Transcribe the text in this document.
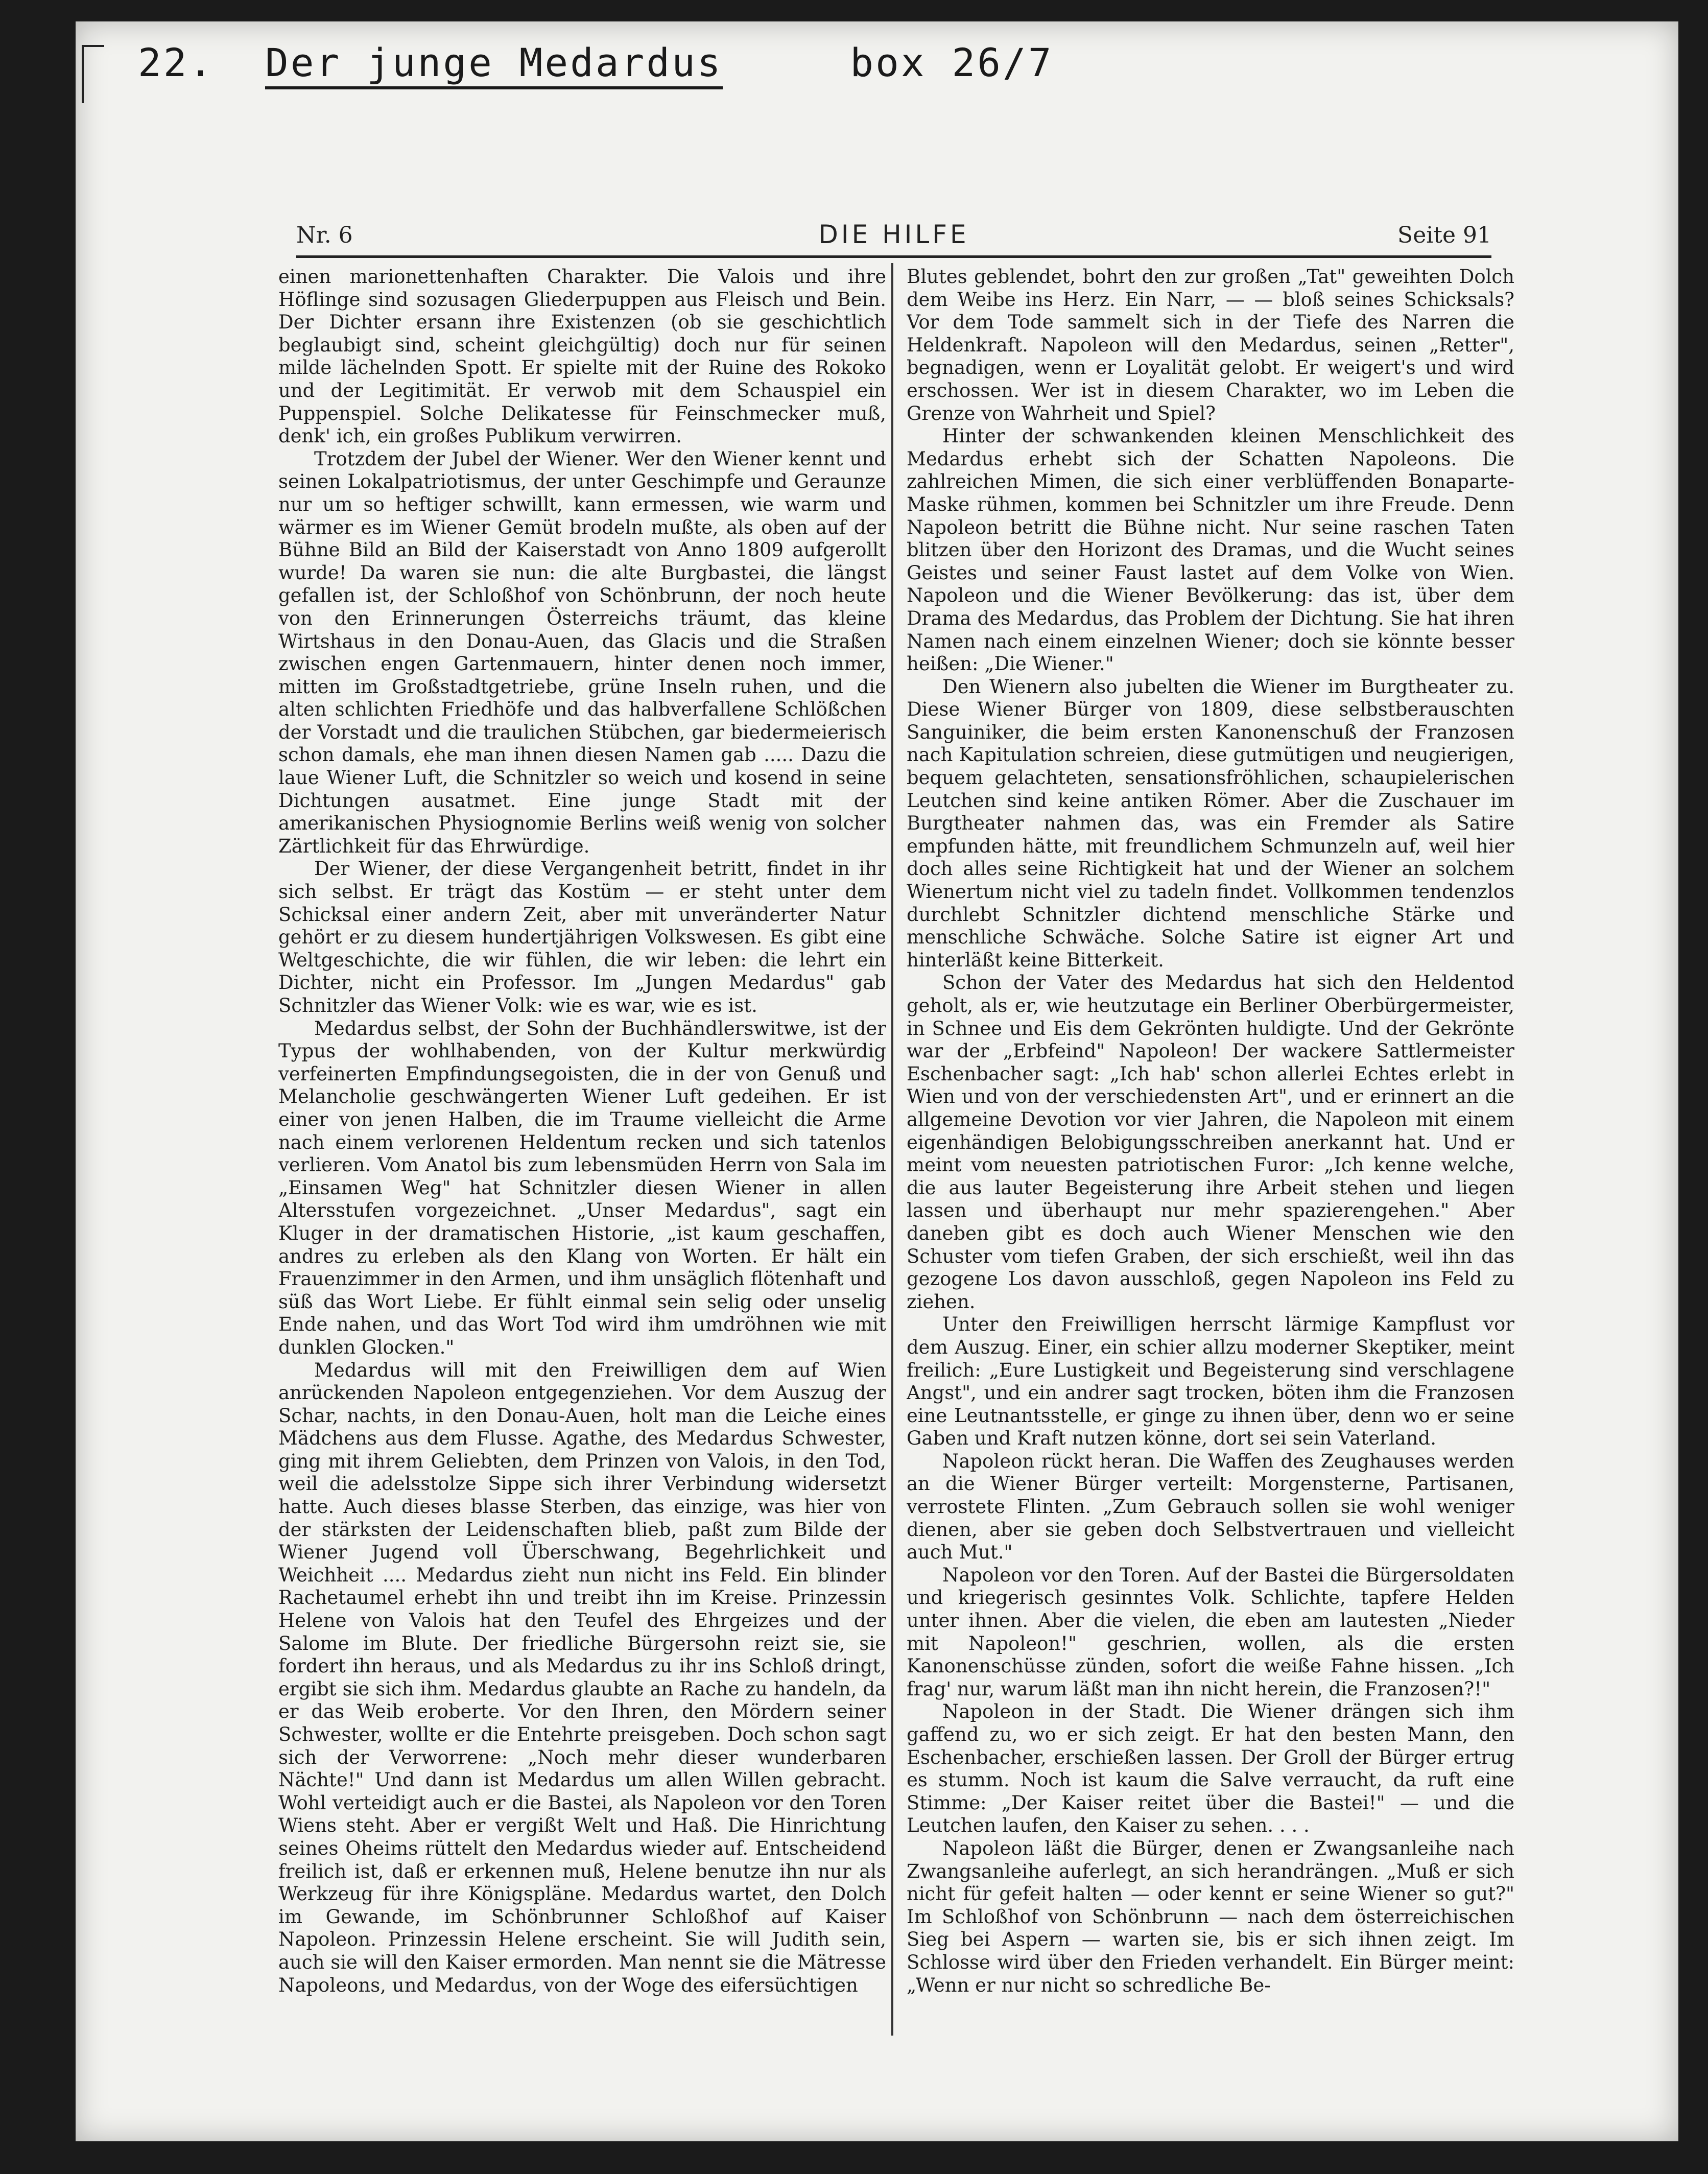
22. Der junge Medardus	box 26/7
Nr. 6	DIE HILFE	Seite 91

einen marionettenhaften Charakter. Die Valois und ihre Höflinge sind sozusagen Gliederpuppen aus Fleisch und Bein. Der Dichter ersann ihre Existenzen (ob sie geschichtlich beglaubigt sind, scheint gleichgültig) doch nur für seinen milde lächelnden Spott. Er spielte mit der Ruine des Rokoko und der Legitimität. Er verwob mit dem Schauspiel ein Puppenspiel. Solche Delikatesse für Feinschmecker muß, denk' ich, ein großes Publikum verwirren.

Trotzdem der Jubel der Wiener. Wer den Wiener kennt und seinen Lokalpatriotismus, der unter Geschimpfe und Geraunze nur um so heftiger schwillt, kann ermessen, wie warm und wärmer es im Wiener Gemüt brodeln mußte, als oben auf der Bühne Bild an Bild der Kaiserstadt von Anno 1809 aufgerollt wurde! Da waren sie nun: die alte Burgbastei, die längst gefallen ist, der Schloßhof von Schönbrunn, der noch heute von den Erinnerungen Österreichs träumt, das kleine Wirtshaus in den Donau-Auen, das Glacis und die Straßen zwischen engen Gartenmauern, hinter denen noch immer, mitten im Großstadtgetriebe, grüne Inseln ruhen, und die alten schlichten Friedhöfe und das halbverfallene Schlößchen der Vorstadt und die traulichen Stübchen, gar biedermeierisch schon damals, ehe man ihnen diesen Namen gab ..... Dazu die laue Wiener Luft, die Schnitzler so weich und kosend in seine Dichtungen ausatmet. Eine junge Stadt mit der amerikanischen Physiognomie Berlins weiß wenig von solcher Zärtlichkeit für das Ehrwürdige.

Der Wiener, der diese Vergangenheit betritt, findet in ihr sich selbst. Er trägt das Kostüm — er steht unter dem Schicksal einer andern Zeit, aber mit unveränderter Natur gehört er zu diesem hundertjährigen Volkswesen. Es gibt eine Weltgeschichte, die wir fühlen, die wir leben: die lehrt ein Dichter, nicht ein Professor. Im „Jungen Medardus" gab Schnitzler das Wiener Volk: wie es war, wie es ist.

Medardus selbst, der Sohn der Buchhändlerswitwe, ist der Typus der wohlhabenden, von der Kultur merkwürdig verfeinerten Empfindungsegoisten, die in der von Genuß und Melancholie geschwängerten Wiener Luft gedeihen. Er ist einer von jenen Halben, die im Traume vielleicht die Arme nach einem verlorenen Heldentum recken und sich tatenlos verlieren. Vom Anatol bis zum lebensmüden Herrn von Sala im „Einsamen Weg" hat Schnitzler diesen Wiener in allen Altersstufen vorgezeichnet. „Unser Medardus", sagt ein Kluger in der dramatischen Historie, „ist kaum geschaffen, andres zu erleben als den Klang von Worten. Er hält ein Frauenzimmer in den Armen, und ihm unsäglich flötenhaft und süß das Wort Liebe. Er fühlt einmal sein selig oder unselig Ende nahen, und das Wort Tod wird ihm umdröhnen wie mit dunklen Glocken."

Medardus will mit den Freiwilligen dem auf Wien anrückenden Napoleon entgegenziehen. Vor dem Auszug der Schar, nachts, in den Donau-Auen, holt man die Leiche eines Mädchens aus dem Flusse. Agathe, des Medardus Schwester, ging mit ihrem Geliebten, dem Prinzen von Valois, in den Tod, weil die adelsstolze Sippe sich ihrer Verbindung widersetzt hatte. Auch dieses blasse Sterben, das einzige, was hier von der stärksten der Leidenschaften blieb, paßt zum Bilde der Wiener Jugend voll Überschwang, Begehrlichkeit und Weichheit .... Medardus zieht nun nicht ins Feld. Ein blinder Rachetaumel erhebt ihn und treibt ihn im Kreise. Prinzessin Helene von Valois hat den Teufel des Ehrgeizes und der Salome im Blute. Der friedliche Bürgersohn reizt sie, sie fordert ihn heraus, und als Medardus zu ihr ins Schloß dringt, ergibt sie sich ihm. Medardus glaubte an Rache zu handeln, da er das Weib eroberte. Vor den Ihren, den Mördern seiner Schwester, wollte er die Entehrte preisgeben. Doch schon sagt sich der Verworrene: „Noch mehr dieser wunderbaren Nächte!" Und dann ist Medardus um allen Willen gebracht. Wohl verteidigt auch er die Bastei, als Napoleon vor den Toren Wiens steht. Aber er vergißt Welt und Haß. Die Hinrichtung seines Oheims rüttelt den Medardus wieder auf. Entscheidend freilich ist, daß er erkennen muß, Helene benutze ihn nur als Werkzeug für ihre Königspläne. Medardus wartet, den Dolch im Gewande, im Schönbrunner Schloßhof auf Kaiser Napoleon. Prinzessin Helene erscheint. Sie will Judith sein, auch sie will den Kaiser ermorden. Man nennt sie die Mätresse Napoleons, und Medardus, von der Woge des eifersüchtigen

Blutes geblendet, bohrt den zur großen „Tat" geweihten Dolch dem Weibe ins Herz. Ein Narr, — — bloß seines Schicksals? Vor dem Tode sammelt sich in der Tiefe des Narren die Heldenkraft. Napoleon will den Medardus, seinen „Retter", begnadigen, wenn er Loyalität gelobt. Er weigert's und wird erschossen. Wer ist in diesem Charakter, wo im Leben die Grenze von Wahrheit und Spiel?

Hinter der schwankenden kleinen Menschlichkeit des Medardus erhebt sich der Schatten Napoleons. Die zahlreichen Mimen, die sich einer verblüffenden Bonaparte-Maske rühmen, kommen bei Schnitzler um ihre Freude. Denn Napoleon betritt die Bühne nicht. Nur seine raschen Taten blitzen über den Horizont des Dramas, und die Wucht seines Geistes und seiner Faust lastet auf dem Volke von Wien. Napoleon und die Wiener Bevölkerung: das ist, über dem Drama des Medardus, das Problem der Dichtung. Sie hat ihren Namen nach einem einzelnen Wiener; doch sie könnte besser heißen: „Die Wiener."

Den Wienern also jubelten die Wiener im Burgtheater zu. Diese Wiener Bürger von 1809, diese selbstberauschten Sanguiniker, die beim ersten Kanonenschuß der Franzosen nach Kapitulation schreien, diese gutmütigen und neugierigen, bequem gelachteten, sensationsfröhlichen, schaupielerischen Leutchen sind keine antiken Römer. Aber die Zuschauer im Burgtheater nahmen das, was ein Fremder als Satire empfunden hätte, mit freundlichem Schmunzeln auf, weil hier doch alles seine Richtigkeit hat und der Wiener an solchem Wienertum nicht viel zu tadeln findet. Vollkommen tendenzlos durchlebt Schnitzler dichtend menschliche Stärke und menschliche Schwäche. Solche Satire ist eigner Art und hinterläßt keine Bitterkeit.

Schon der Vater des Medardus hat sich den Heldentod geholt, als er, wie heutzutage ein Berliner Oberbürgermeister, in Schnee und Eis dem Gekrönten huldigte. Und der Gekrönte war der „Erbfeind" Napoleon! Der wackere Sattlermeister Eschenbacher sagt: „Ich hab' schon allerlei Echtes erlebt in Wien und von der verschiedensten Art", und er erinnert an die allgemeine Devotion vor vier Jahren, die Napoleon mit einem eigenhändigen Belobigungsschreiben anerkannt hat. Und er meint vom neuesten patriotischen Furor: „Ich kenne welche, die aus lauter Begeisterung ihre Arbeit stehen und liegen lassen und überhaupt nur mehr spazierengehen." Aber daneben gibt es doch auch Wiener Menschen wie den Schuster vom tiefen Graben, der sich erschießt, weil ihn das gezogene Los davon ausschloß, gegen Napoleon ins Feld zu ziehen.

Unter den Freiwilligen herrscht lärmige Kampflust vor dem Auszug. Einer, ein schier allzu moderner Skeptiker, meint freilich: „Eure Lustigkeit und Begeisterung sind verschlagene Angst", und ein andrer sagt trocken, böten ihm die Franzosen eine Leutnantsstelle, er ginge zu ihnen über, denn wo er seine Gaben und Kraft nutzen könne, dort sei sein Vaterland.

Napoleon rückt heran. Die Waffen des Zeughauses werden an die Wiener Bürger verteilt: Morgensterne, Partisanen, verrostete Flinten. „Zum Gebrauch sollen sie wohl weniger dienen, aber sie geben doch Selbstvertrauen und vielleicht auch Mut."

Napoleon vor den Toren. Auf der Bastei die Bürgersoldaten und kriegerisch gesinntes Volk. Schlichte, tapfere Helden unter ihnen. Aber die vielen, die eben am lautesten „Nieder mit Napoleon!" geschrien, wollen, als die ersten Kanonenschüsse zünden, sofort die weiße Fahne hissen. „Ich frag' nur, warum läßt man ihn nicht herein, die Franzosen?!"

Napoleon in der Stadt. Die Wiener drängen sich ihm gaffend zu, wo er sich zeigt. Er hat den besten Mann, den Eschenbacher, erschießen lassen. Der Groll der Bürger ertrug es stumm. Noch ist kaum die Salve verraucht, da ruft eine Stimme: „Der Kaiser reitet über die Bastei!" — und die Leutchen laufen, den Kaiser zu sehen. . . .

Napoleon läßt die Bürger, denen er Zwangsanleihe nach Zwangsanleihe auferlegt, an sich herandrängen. „Muß er sich nicht für gefeit halten — oder kennt er seine Wiener so gut?" Im Schloßhof von Schönbrunn — nach dem österreichischen Sieg bei Aspern — warten sie, bis er sich ihnen zeigt. Im Schlosse wird über den Frieden verhandelt. Ein Bürger meint: „Wenn er nur nicht so schredliche Be-
